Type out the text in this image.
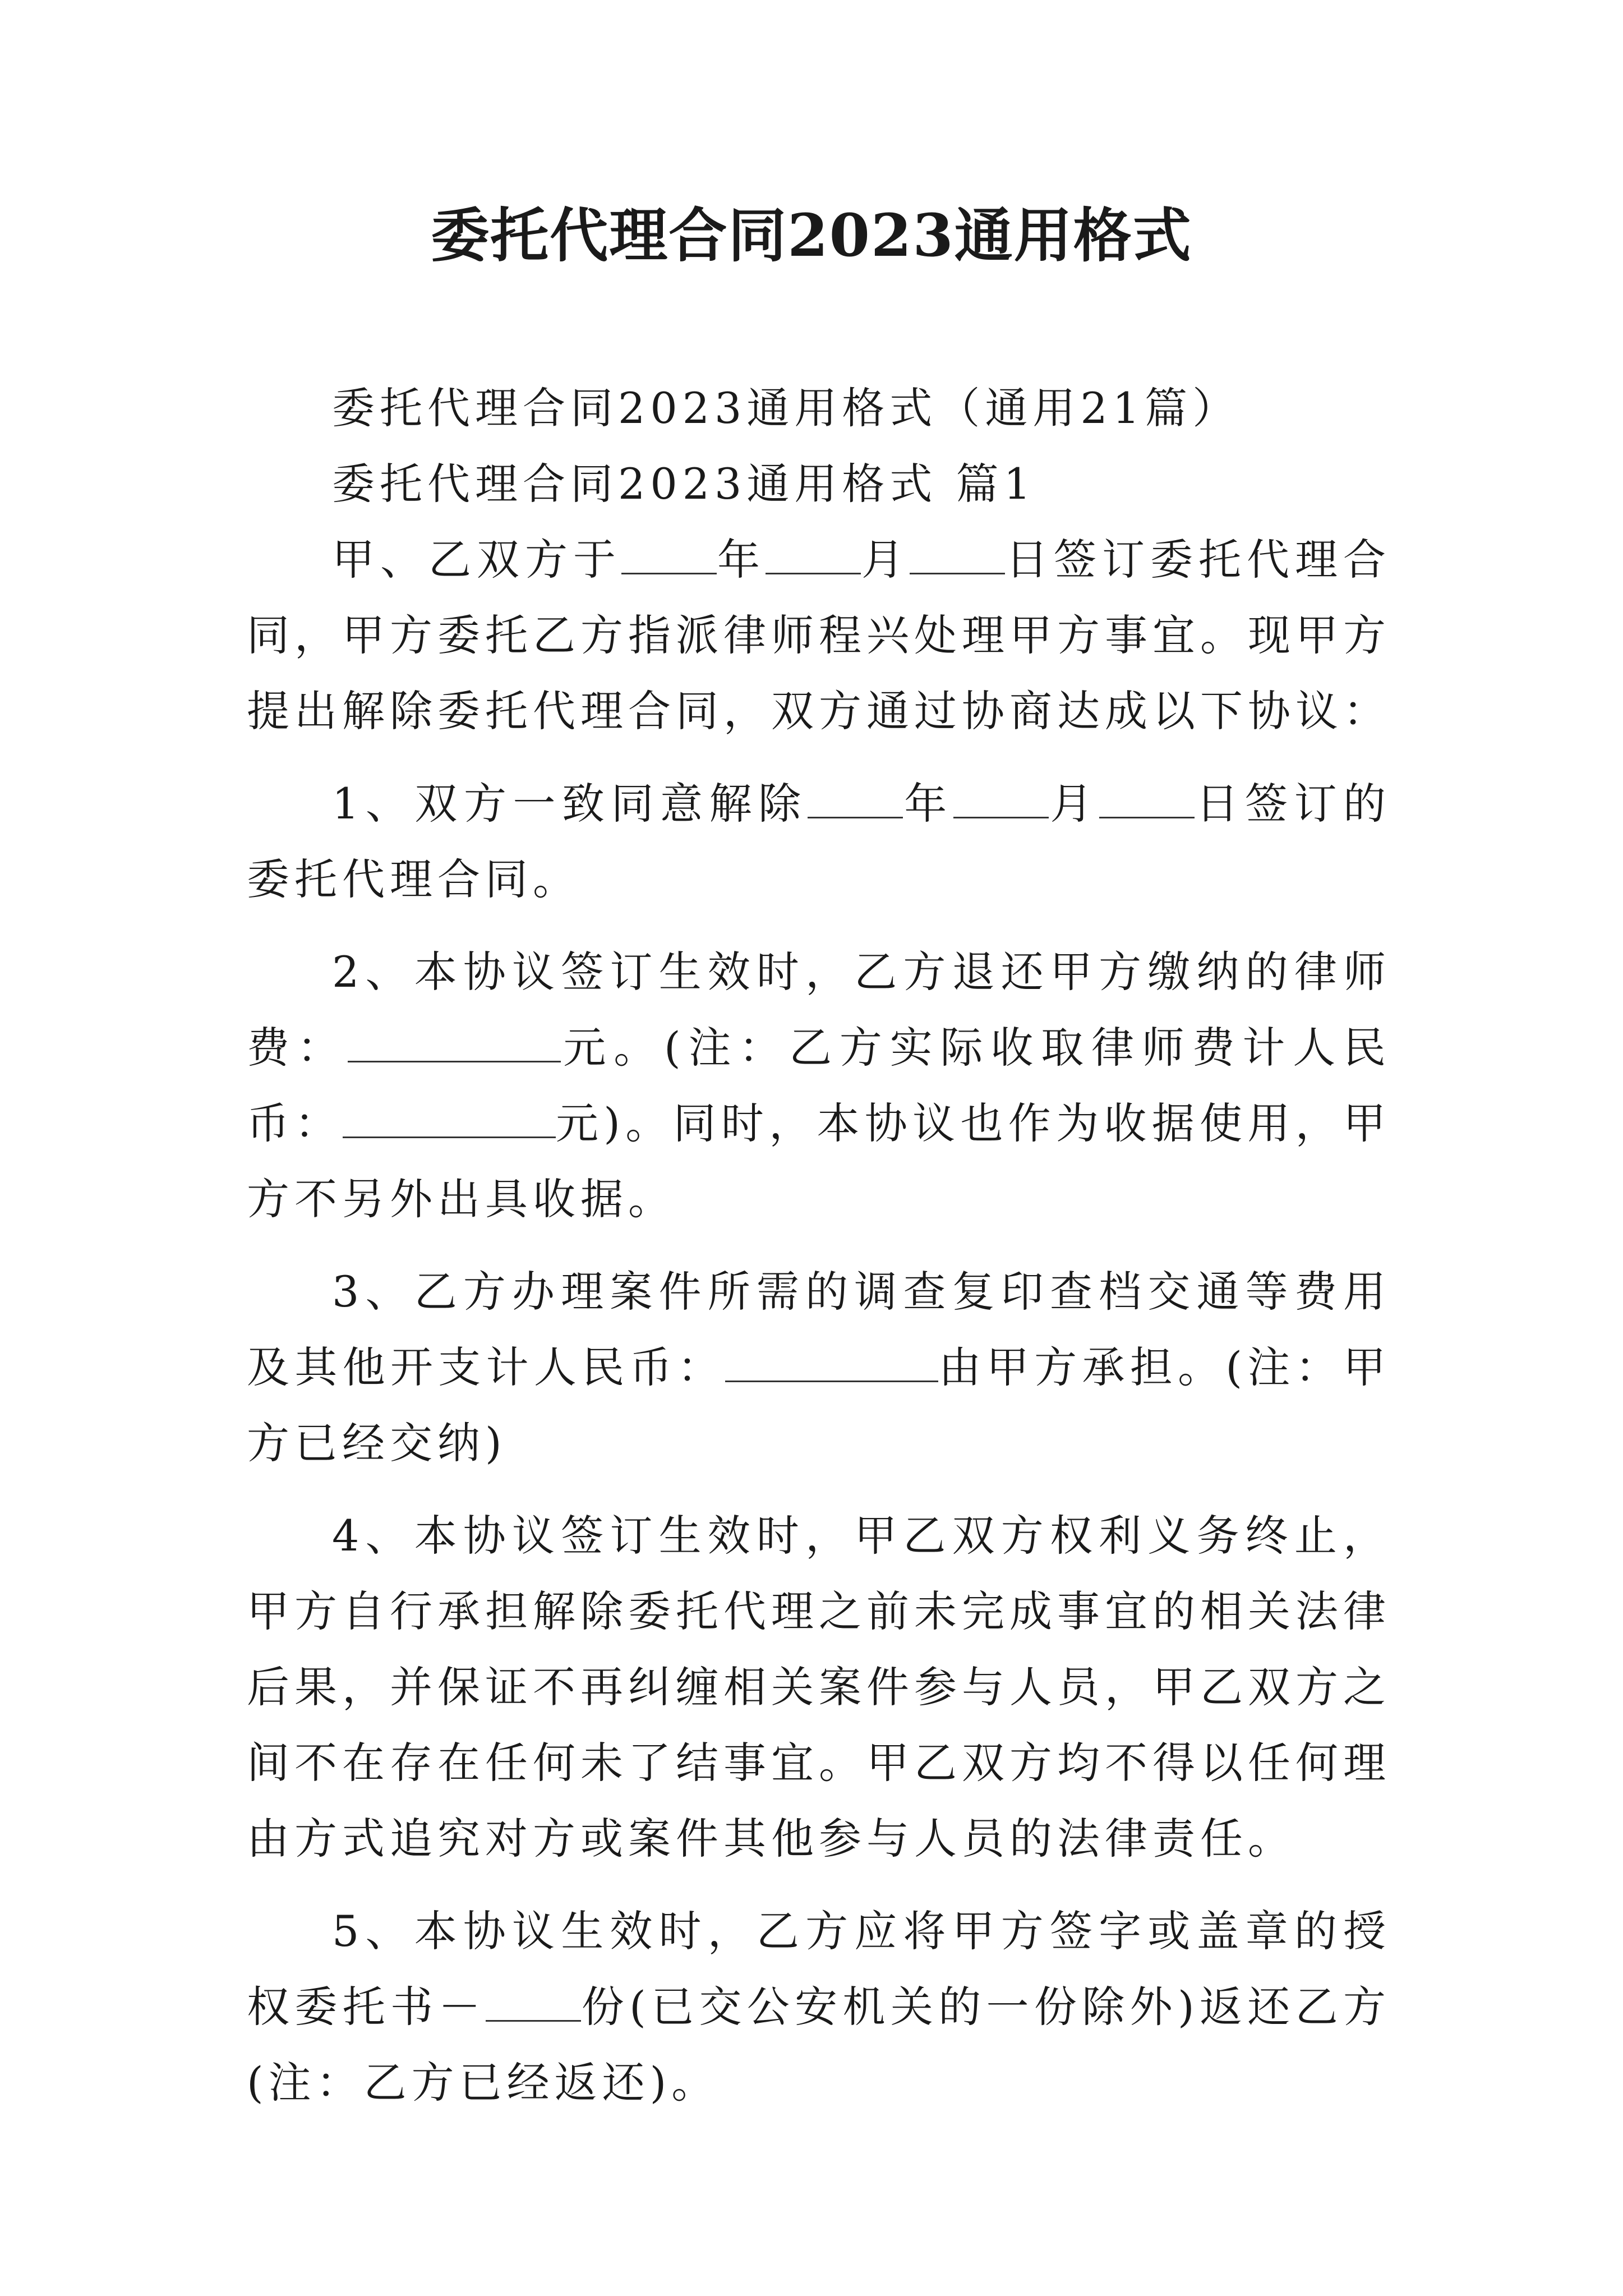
委托代理合同2023通用格式

委托代理合同2023通用格式（通用21篇）

委托代理合同2023通用格式 篇1

甲、乙双方于 年 月 日签订委托代理合同，甲方委托乙方指派律师程兴处理甲方事宜。现甲方提出解除委托代理合同，双方通过协商达成以下协议：

1、双方一致同意解除 年 月 日签订的委托代理合同。

2、本协议签订生效时，乙方退还甲方缴纳的律师费：	元。(注：乙方实际收取律师费计人民币：	元)。同时，本协议也作为收据使用，甲方不另外出具收据。

3、乙方办理案件所需的调查复印查档交通等费用及其他开支计人民币：	由甲方承担。(注：甲方已经交纳)

4、本协议签订生效时，甲乙双方权利义务终止，甲方自行承担解除委托代理之前未完成事宜的相关法律后果，并保证不再纠缠相关案件参与人员，甲乙双方之间不在存在任何未了结事宜。甲乙双方均不得以任何理由方式追究对方或案件其他参与人员的法律责任。

5、本协议生效时，乙方应将甲方签字或盖章的授权委托书－ 份(已交公安机关的一份除外)返还乙方(注：乙方已经返还)。
